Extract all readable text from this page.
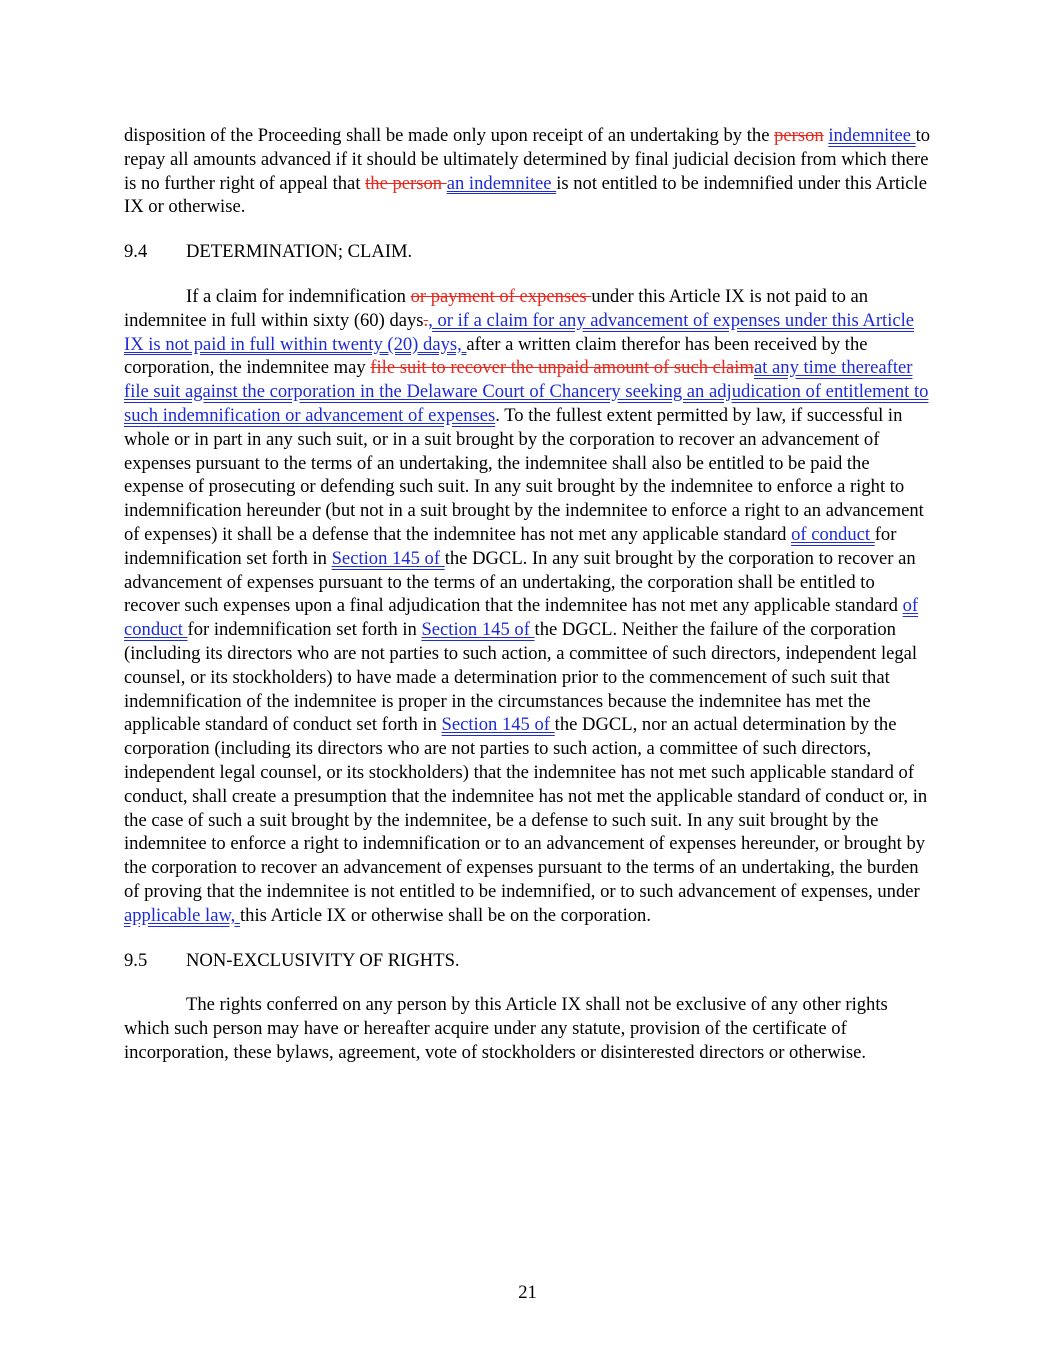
disposition of the Proceeding shall be made only upon receipt of an undertaking by the person indemnitee to repay all amounts advanced if it should be ultimately determined by final judicial decision from which there is no further right of appeal that the person an indemnitee is not entitled to be indemnified under this Article IX or otherwise.

9.4	DETERMINATION; CLAIM.

If a claim for indemnification or payment of expenses under this Article IX is not paid to an indemnitee in full within sixty (60) days., or if a claim for any advancement of expenses under this Article IX is not paid in full within twenty (20) days, after a written claim therefor has been received by the corporation, the indemnitee may file suit to recover the unpaid amount of such claimat any time thereafter file suit against the corporation in the Delaware Court of Chancery seeking an adjudication of entitlement to such indemnification or advancement of expenses. To the fullest extent permitted by law, if successful in whole or in part in any such suit, or in a suit brought by the corporation to recover an advancement of expenses pursuant to the terms of an undertaking, the indemnitee shall also be entitled to be paid the expense of prosecuting or defending such suit. In any suit brought by the indemnitee to enforce a right to indemnification hereunder (but not in a suit brought by the indemnitee to enforce a right to an advancement of expenses) it shall be a defense that the indemnitee has not met any applicable standard of conduct for indemnification set forth in Section 145 of the DGCL. In any suit brought by the corporation to recover an advancement of expenses pursuant to the terms of an undertaking, the corporation shall be entitled to recover such expenses upon a final adjudication that the indemnitee has not met any applicable standard of conduct for indemnification set forth in Section 145 of the DGCL. Neither the failure of the corporation (including its directors who are not parties to such action, a committee of such directors, independent legal counsel, or its stockholders) to have made a determination prior to the commencement of such suit that indemnification of the indemnitee is proper in the circumstances because the indemnitee has met the applicable standard of conduct set forth in Section 145 of the DGCL, nor an actual determination by the corporation (including its directors who are not parties to such action, a committee of such directors, independent legal counsel, or its stockholders) that the indemnitee has not met such applicable standard of conduct, shall create a presumption that the indemnitee has not met the applicable standard of conduct or, in the case of such a suit brought by the indemnitee, be a defense to such suit. In any suit brought by the indemnitee to enforce a right to indemnification or to an advancement of expenses hereunder, or brought by the corporation to recover an advancement of expenses pursuant to the terms of an undertaking, the burden of proving that the indemnitee is not entitled to be indemnified, or to such advancement of expenses, under applicable law, this Article IX or otherwise shall be on the corporation.

9.5	NON-EXCLUSIVITY OF RIGHTS.

The rights conferred on any person by this Article IX shall not be exclusive of any other rights which such person may have or hereafter acquire under any statute, provision of the certificate of incorporation, these bylaws, agreement, vote of stockholders or disinterested directors or otherwise.

21
